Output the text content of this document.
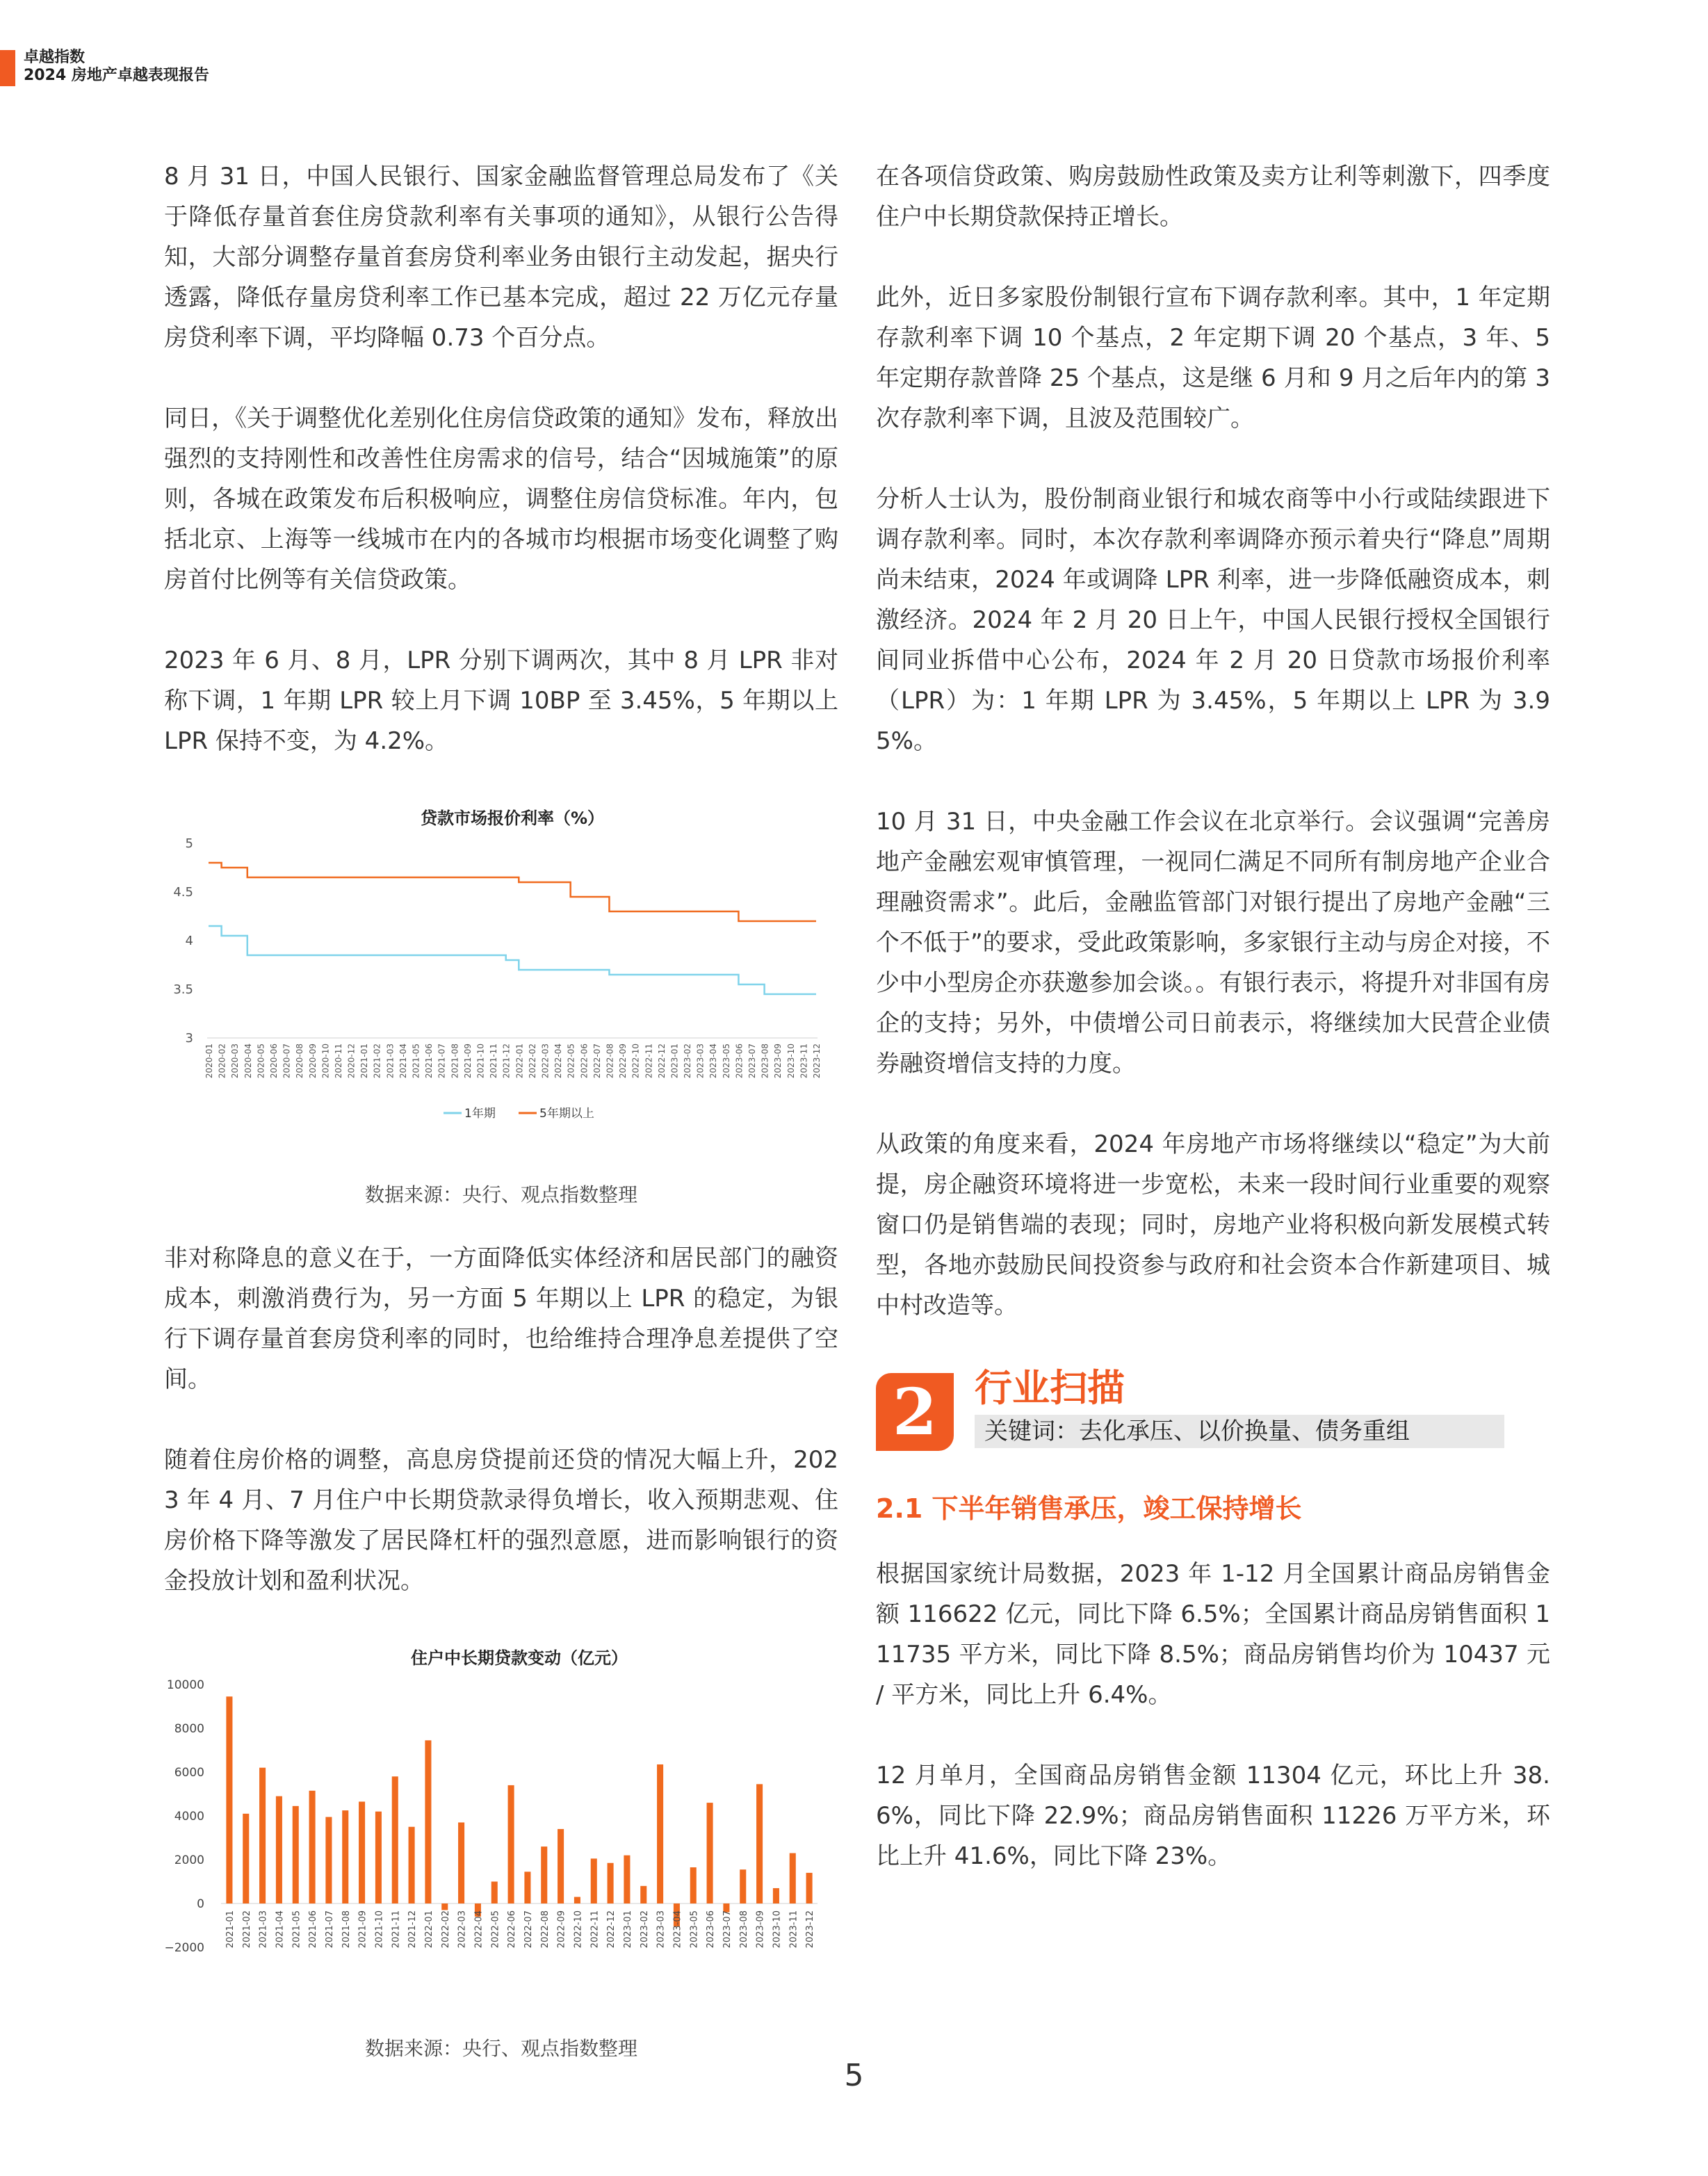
卓越指数
2024 房地产卓越表现报告

8 月 31 日，中国人民银行、国家金融监督管理总局发布了《关于降低存量首套住房贷款利率有关事项的通知》，从银行公告得知，大部分调整存量首套房贷利率业务由银行主动发起，据央行透露，降低存量房贷利率工作已基本完成，超过 22 万亿元存量房贷利率下调，平均降幅 0.73 个百分点。

同日，《关于调整优化差别化住房信贷政策的通知》发布，释放出强烈的支持刚性和改善性住房需求的信号，结合“因城施策”的原则，各城在政策发布后积极响应，调整住房信贷标准。年内，包括北京、上海等一线城市在内的各城市均根据市场变化调整了购房首付比例等有关信贷政策。

2023 年 6 月、8 月，LPR 分别下调两次，其中 8 月 LPR 非对称下调，1 年期 LPR 较上月下调 10BP 至 3.45%，5 年期以上 LPR 保持不变，为 4.2%。

贷款市场报价利率（%）
3
3.5
4
4.5
5
2020-01 2020-02 2020-03 2020-04 2020-05 2020-06 2020-07 2020-08 2020-09 2020-10 2020-11 2020-12 2021-01 2021-02 2021-03 2021-04 2021-05 2021-06 2021-07 2021-08 2021-09 2021-10 2021-11 2021-12 2022-01 2022-02 2022-03 2022-04 2022-05 2022-06 2022-07 2022-08 2022-09 2022-10 2022-11 2022-12 2023-01 2023-02 2023-03 2023-04 2023-05 2023-06 2023-07 2023-08 2023-09 2023-10 2023-11 2023-12
1年期	5年期以上
数据来源：央行、观点指数整理

非对称降息的意义在于，一方面降低实体经济和居民部门的融资成本，刺激消费行为，另一方面 5 年期以上 LPR 的稳定，为银行下调存量首套房贷利率的同时，也给维持合理净息差提供了空间。

随着住房价格的调整，高息房贷提前还贷的情况大幅上升，2023 年 4 月、7 月住户中长期贷款录得负增长，收入预期悲观、住房价格下降等激发了居民降杠杆的强烈意愿，进而影响银行的资金投放计划和盈利状况。

住户中长期贷款变动（亿元）
−2000
0
2000
4000
6000
8000
10000
2021-01 2021-02 2021-03 2021-04 2021-05 2021-06 2021-07 2021-08 2021-09 2021-10 2021-11 2021-12 2022-01 2022-02 2022-03 2022-04 2022-05 2022-06 2022-07 2022-08 2022-09 2022-10 2022-11 2022-12 2023-01 2023-02 2023-03 2023-04 2023-05 2023-06 2023-07 2023-08 2023-09 2023-10 2023-11 2023-12
数据来源：央行、观点指数整理

在各项信贷政策、购房鼓励性政策及卖方让利等刺激下，四季度住户中长期贷款保持正增长。

此外，近日多家股份制银行宣布下调存款利率。其中，1 年定期存款利率下调 10 个基点，2 年定期下调 20 个基点，3 年、5 年定期存款普降 25 个基点，这是继 6 月和 9 月之后年内的第 3 次存款利率下调，且波及范围较广。

分析人士认为，股份制商业银行和城农商等中小行或陆续跟进下调存款利率。同时，本次存款利率调降亦预示着央行“降息”周期尚未结束，2024 年或调降 LPR 利率，进一步降低融资成本，刺激经济。2024 年 2 月 20 日上午，中国人民银行授权全国银行间同业拆借中心公布，2024 年 2 月 20 日贷款市场报价利率（LPR）为：1 年期 LPR 为 3.45%，5 年期以上 LPR 为 3.95%。

10 月 31 日，中央金融工作会议在北京举行。会议强调“完善房地产金融宏观审慎管理，一视同仁满足不同所有制房地产企业合理融资需求”。此后，金融监管部门对银行提出了房地产金融“三个不低于”的要求，受此政策影响，多家银行主动与房企对接，不少中小型房企亦获邀参加会谈。。有银行表示，将提升对非国有房企的支持；另外，中债增公司日前表示，将继续加大民营企业债券融资增信支持的力度。

从政策的角度来看，2024 年房地产市场将继续以“稳定”为大前提，房企融资环境将进一步宽松，未来一段时间行业重要的观察窗口仍是销售端的表现；同时，房地产业将积极向新发展模式转型，各地亦鼓励民间投资参与政府和社会资本合作新建项目、城中村改造等。

2	行业扫描
关键词：去化承压、以价换量、债务重组
2.1 下半年销售承压，竣工保持增长

根据国家统计局数据，2023 年 1-12 月全国累计商品房销售金额 116622 亿元，同比下降 6.5%；全国累计商品房销售面积 111735 平方米，同比下降 8.5%；商品房销售均价为 10437 元 / 平方米，同比上升 6.4%。

12 月单月，全国商品房销售金额 11304 亿元，环比上升 38.6%，同比下降 22.9%；商品房销售面积 11226 万平方米，环比上升 41.6%，同比下降 23%。

5
